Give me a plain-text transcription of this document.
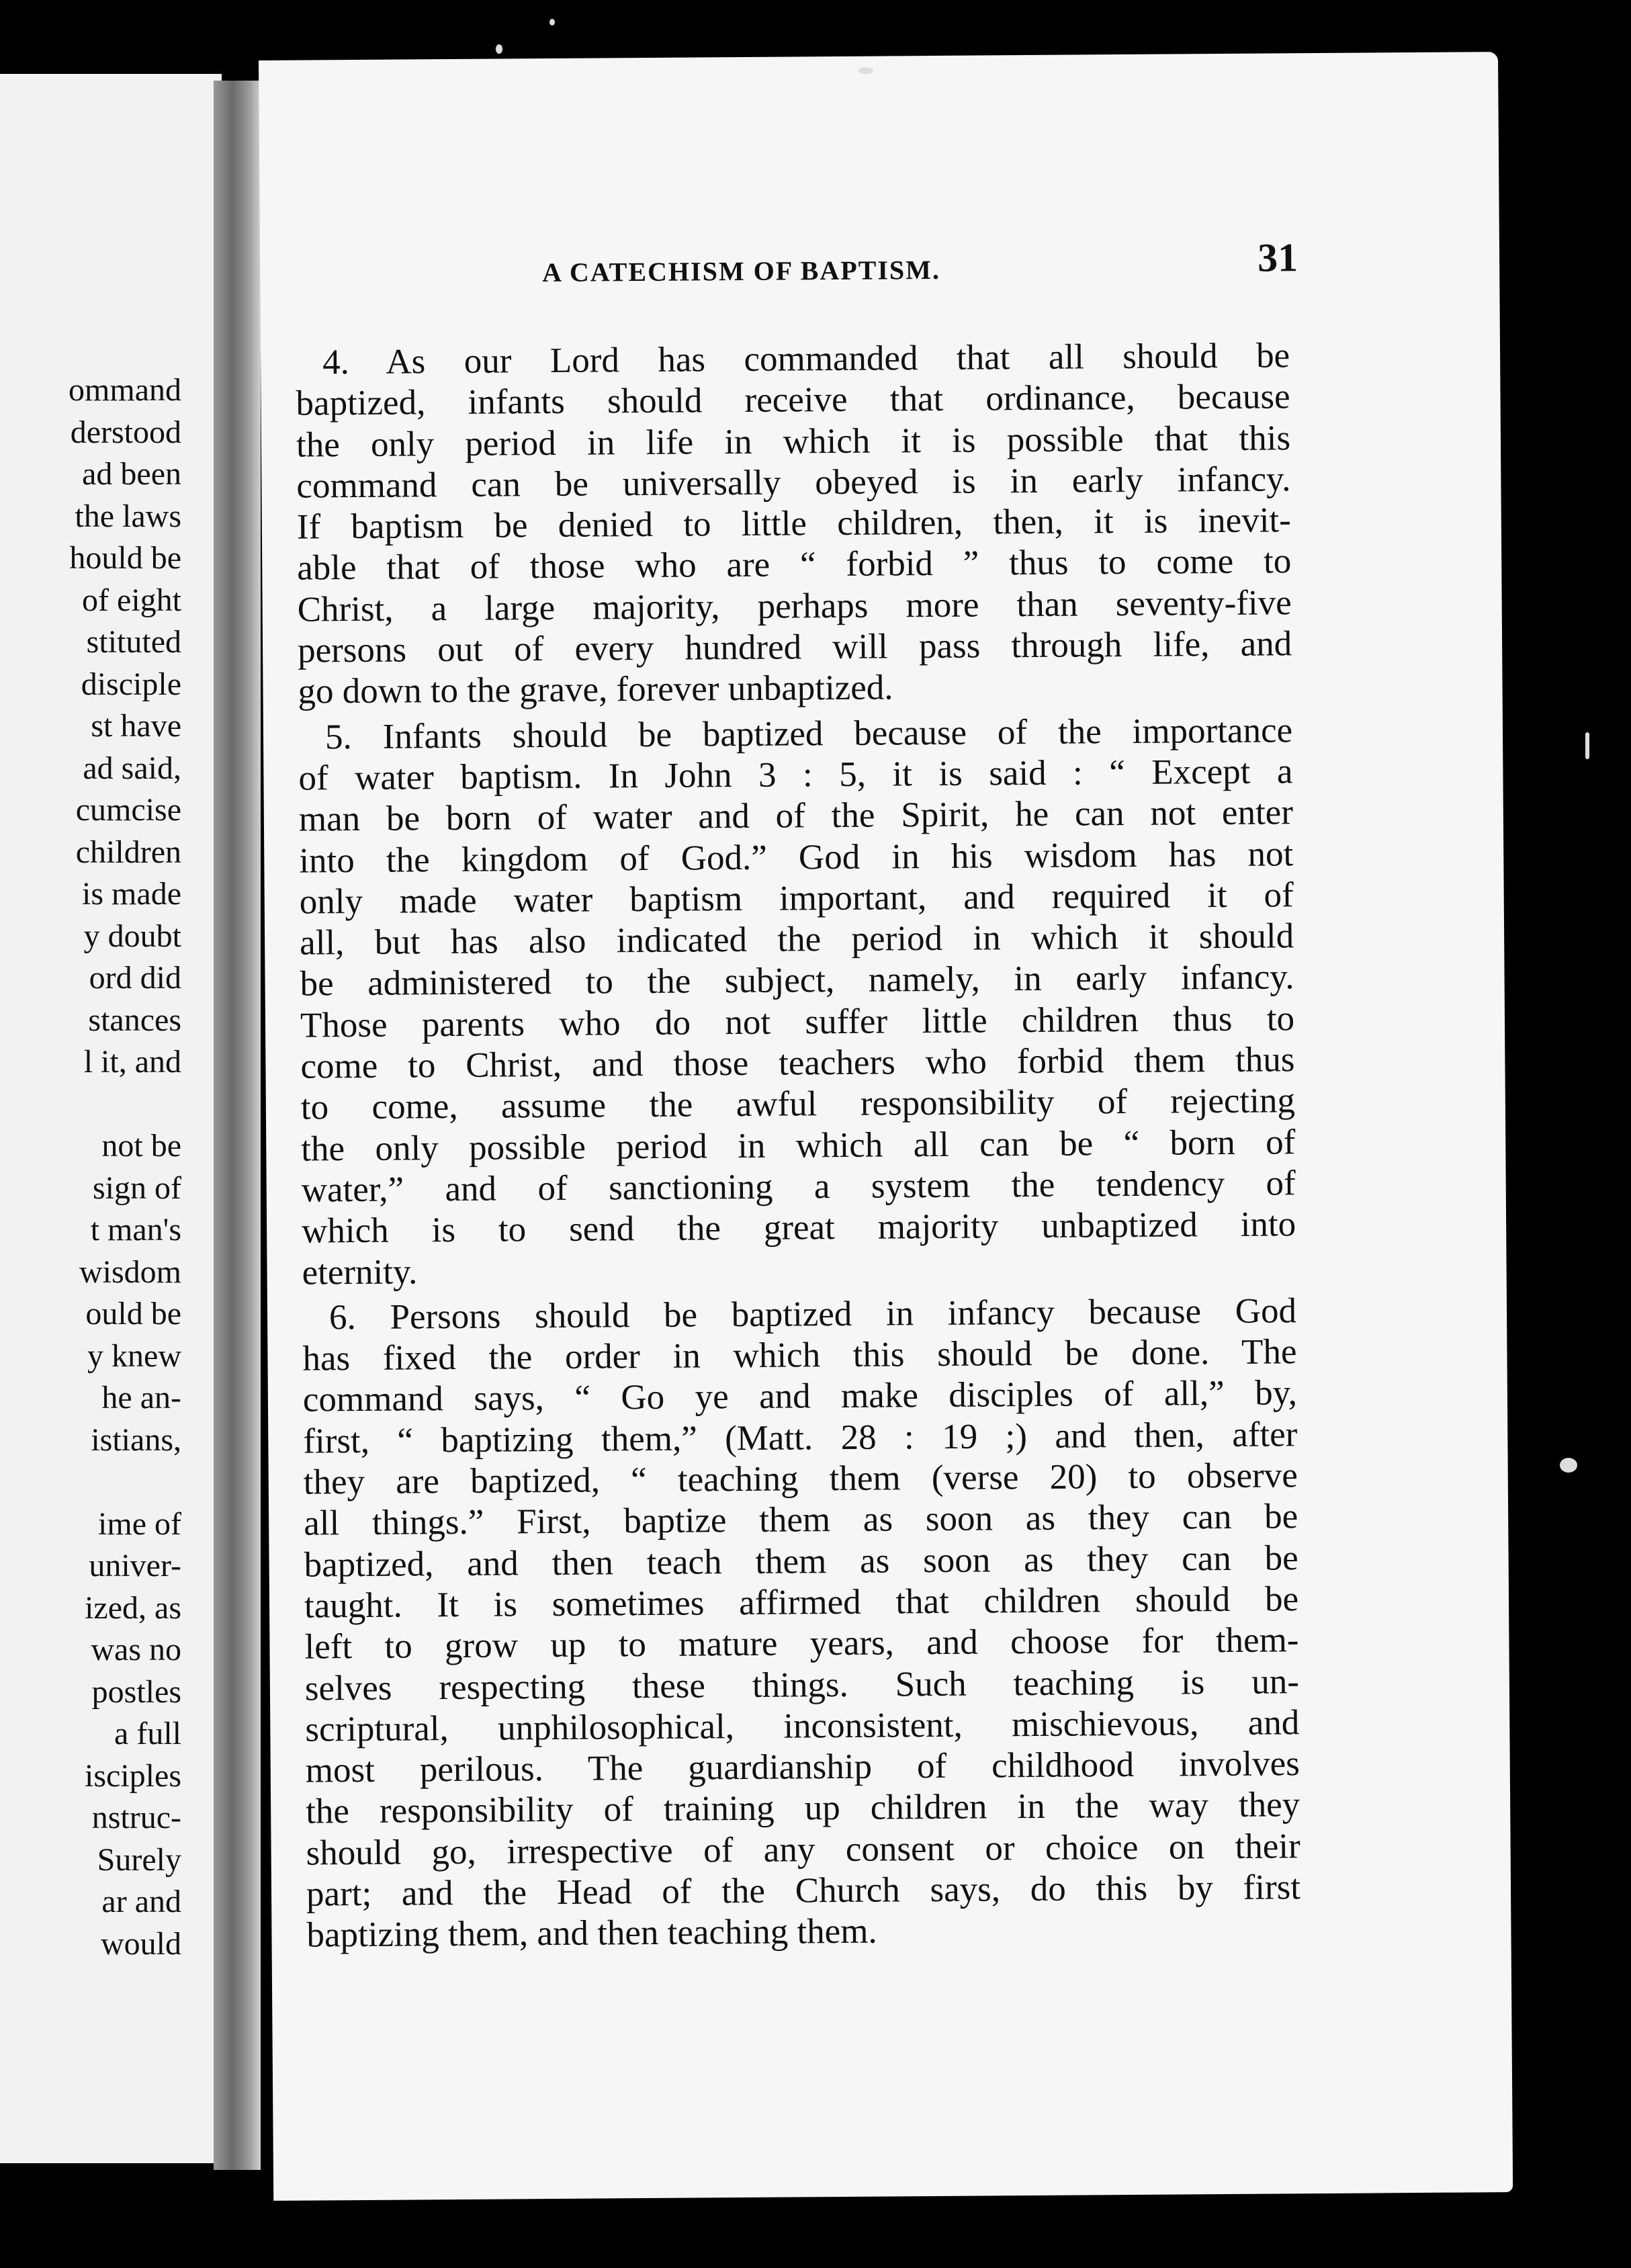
ommand
derstood
ad been
the laws
hould be
of eight
stituted
disciple
st have
ad said,
cumcise
children
is made
y doubt
ord did
stances
l it, and
not be
sign of
t man's
wisdom
ould be
y knew
he an-
istians,
ime of
univer-
ized, as
was no
postles
a full
isciples
nstruc-
Surely
ar and
would
A CATECHISM OF BAPTISM.	31
4. As our Lord has commanded that all should be
baptized, infants should receive that ordinance, because
the only period in life in which it is possible that this
command can be universally obeyed is in early infancy.
If baptism be denied to little children, then, it is inevit-
able that of those who are “ forbid ” thus to come to
Christ, a large majority, perhaps more than seventy-five
persons out of every hundred will pass through life, and
go down to the grave, forever unbaptized.
5. Infants should be baptized because of the importance
of water baptism. In John 3 : 5, it is said : “ Except a
man be born of water and of the Spirit, he can not enter
into the kingdom of God.” God in his wisdom has not
only made water baptism important, and required it of
all, but has also indicated the period in which it should
be administered to the subject, namely, in early infancy.
Those parents who do not suffer little children thus to
come to Christ, and those teachers who forbid them thus
to come, assume the awful responsibility of rejecting
the only possible period in which all can be “ born of
water,” and of sanctioning a system the tendency of
which is to send the great majority unbaptized into
eternity.
6. Persons should be baptized in infancy because God
has fixed the order in which this should be done. The
command says, “ Go ye and make disciples of all,” by,
first, “ baptizing them,” (Matt. 28 : 19 ;) and then, after
they are baptized, “ teaching them (verse 20) to observe
all things.” First, baptize them as soon as they can be
baptized, and then teach them as soon as they can be
taught. It is sometimes affirmed that children should be
left to grow up to mature years, and choose for them-
selves respecting these things. Such teaching is un-
scriptural, unphilosophical, inconsistent, mischievous, and
most perilous. The guardianship of childhood involves
the responsibility of training up children in the way they
should go, irrespective of any consent or choice on their
part; and the Head of the Church says, do this by first
baptizing them, and then teaching them.
